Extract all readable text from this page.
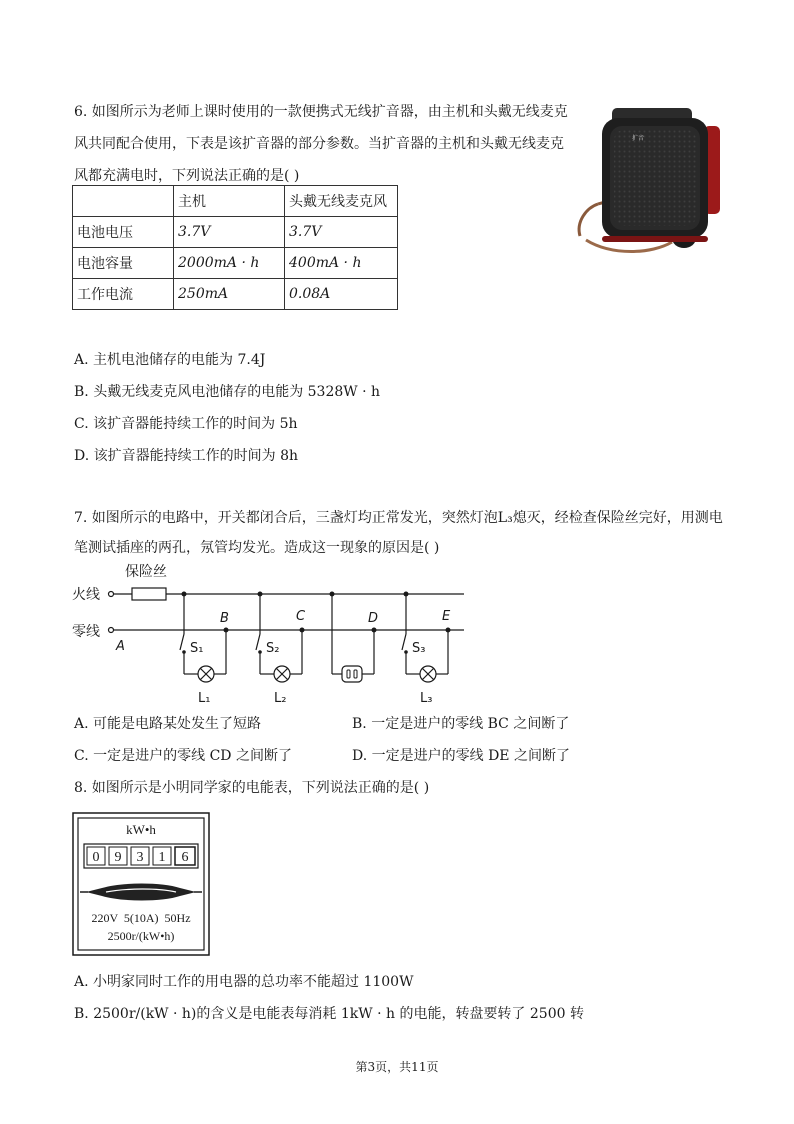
6. 如图所示为老师上课时使用的一款便携式无线扩音器，由主机和头戴无线麦克
风共同配合使用，下表是该扩音器的部分参数。当扩音器的主机和头戴无线麦克
风都充满电时，下列说法正确的是( )
	主机	头戴无线麦克风
电池电压	3.7V	3.7V
电池容量	2000mA · h	400mA · h
工作电流	250mA	0.08A
扩音
A. 主机电池储存的电能为 7.4J
B. 头戴无线麦克风电池储存的电能为 5328W · h
C. 该扩音器能持续工作的时间为 5h
D. 该扩音器能持续工作的时间为 8h
7. 如图所示的电路中，开关都闭合后，三盏灯均正常发光，突然灯泡L₃熄灭，经检查保险丝完好，用测电
笔测试插座的两孔，氖管均发光。造成这一现象的原因是( )
保险丝
火线
零线
A
B	C	D	E
S₁
L₁
S₂
L₂
S₃
L₃
A. 可能是电路某处发生了短路	B. 一定是进户的零线 BC 之间断了
C. 一定是进户的零线 CD 之间断了	D. 一定是进户的零线 DE 之间断了
8. 如图所示是小明同学家的电能表，下列说法正确的是( )
kW•h
0 9 3 1 6
220V  5(10A)  50Hz
2500r/(kW•h)
A. 小明家同时工作的用电器的总功率不能超过 1100W
B. 2500r/(kW · h)的含义是电能表每消耗 1kW · h 的电能，转盘要转了 2500 转
第3页，共11页
